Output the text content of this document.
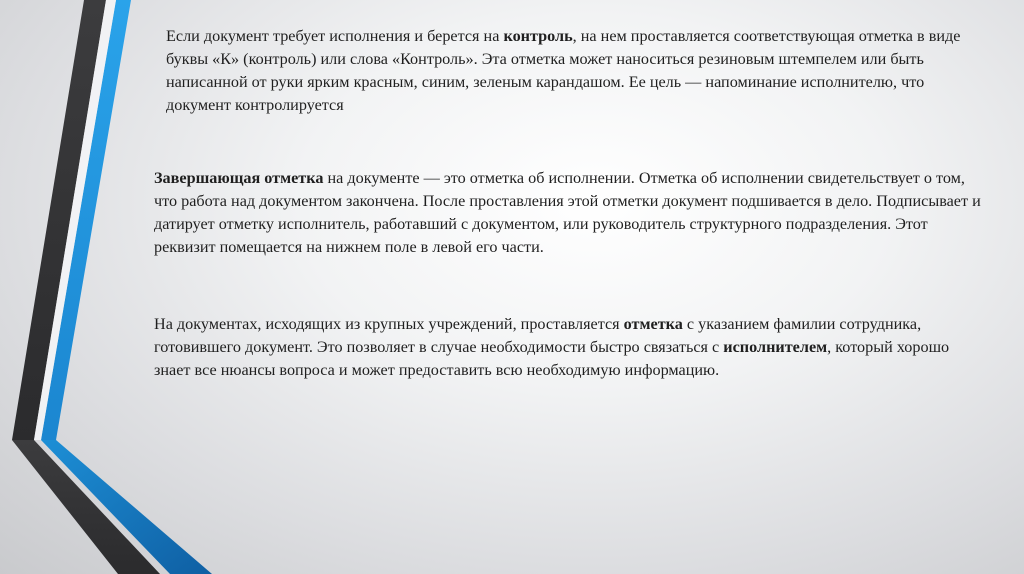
Если документ требует исполнения и берется на контроль, на нем проставляется соответствующая отметка в виде буквы «К» (контроль) или слова «Контроль». Эта отметка может наноситься резиновым штемпелем или быть написанной от руки ярким красным, синим, зеленым карандашом. Ее цель — напоминание исполнителю, что документ контролируется

Завершающая отметка на документе — это отметка об исполнении. Отметка об исполнении свидетельствует о том, что работа над документом закончена. После проставления этой отметки документ подшивается в дело. Подписывает и датирует отметку исполнитель, работавший с документом, или руководитель структурного подразделения. Этот реквизит помещается на нижнем поле в левой его части.

На документах, исходящих из крупных учреждений, проставляется отметка с указанием фамилии сотрудника, готовившего документ. Это позволяет в случае необходимости быстро связаться с исполнителем, который хорошо знает все нюансы вопроса и может предоставить всю необходимую информацию.
